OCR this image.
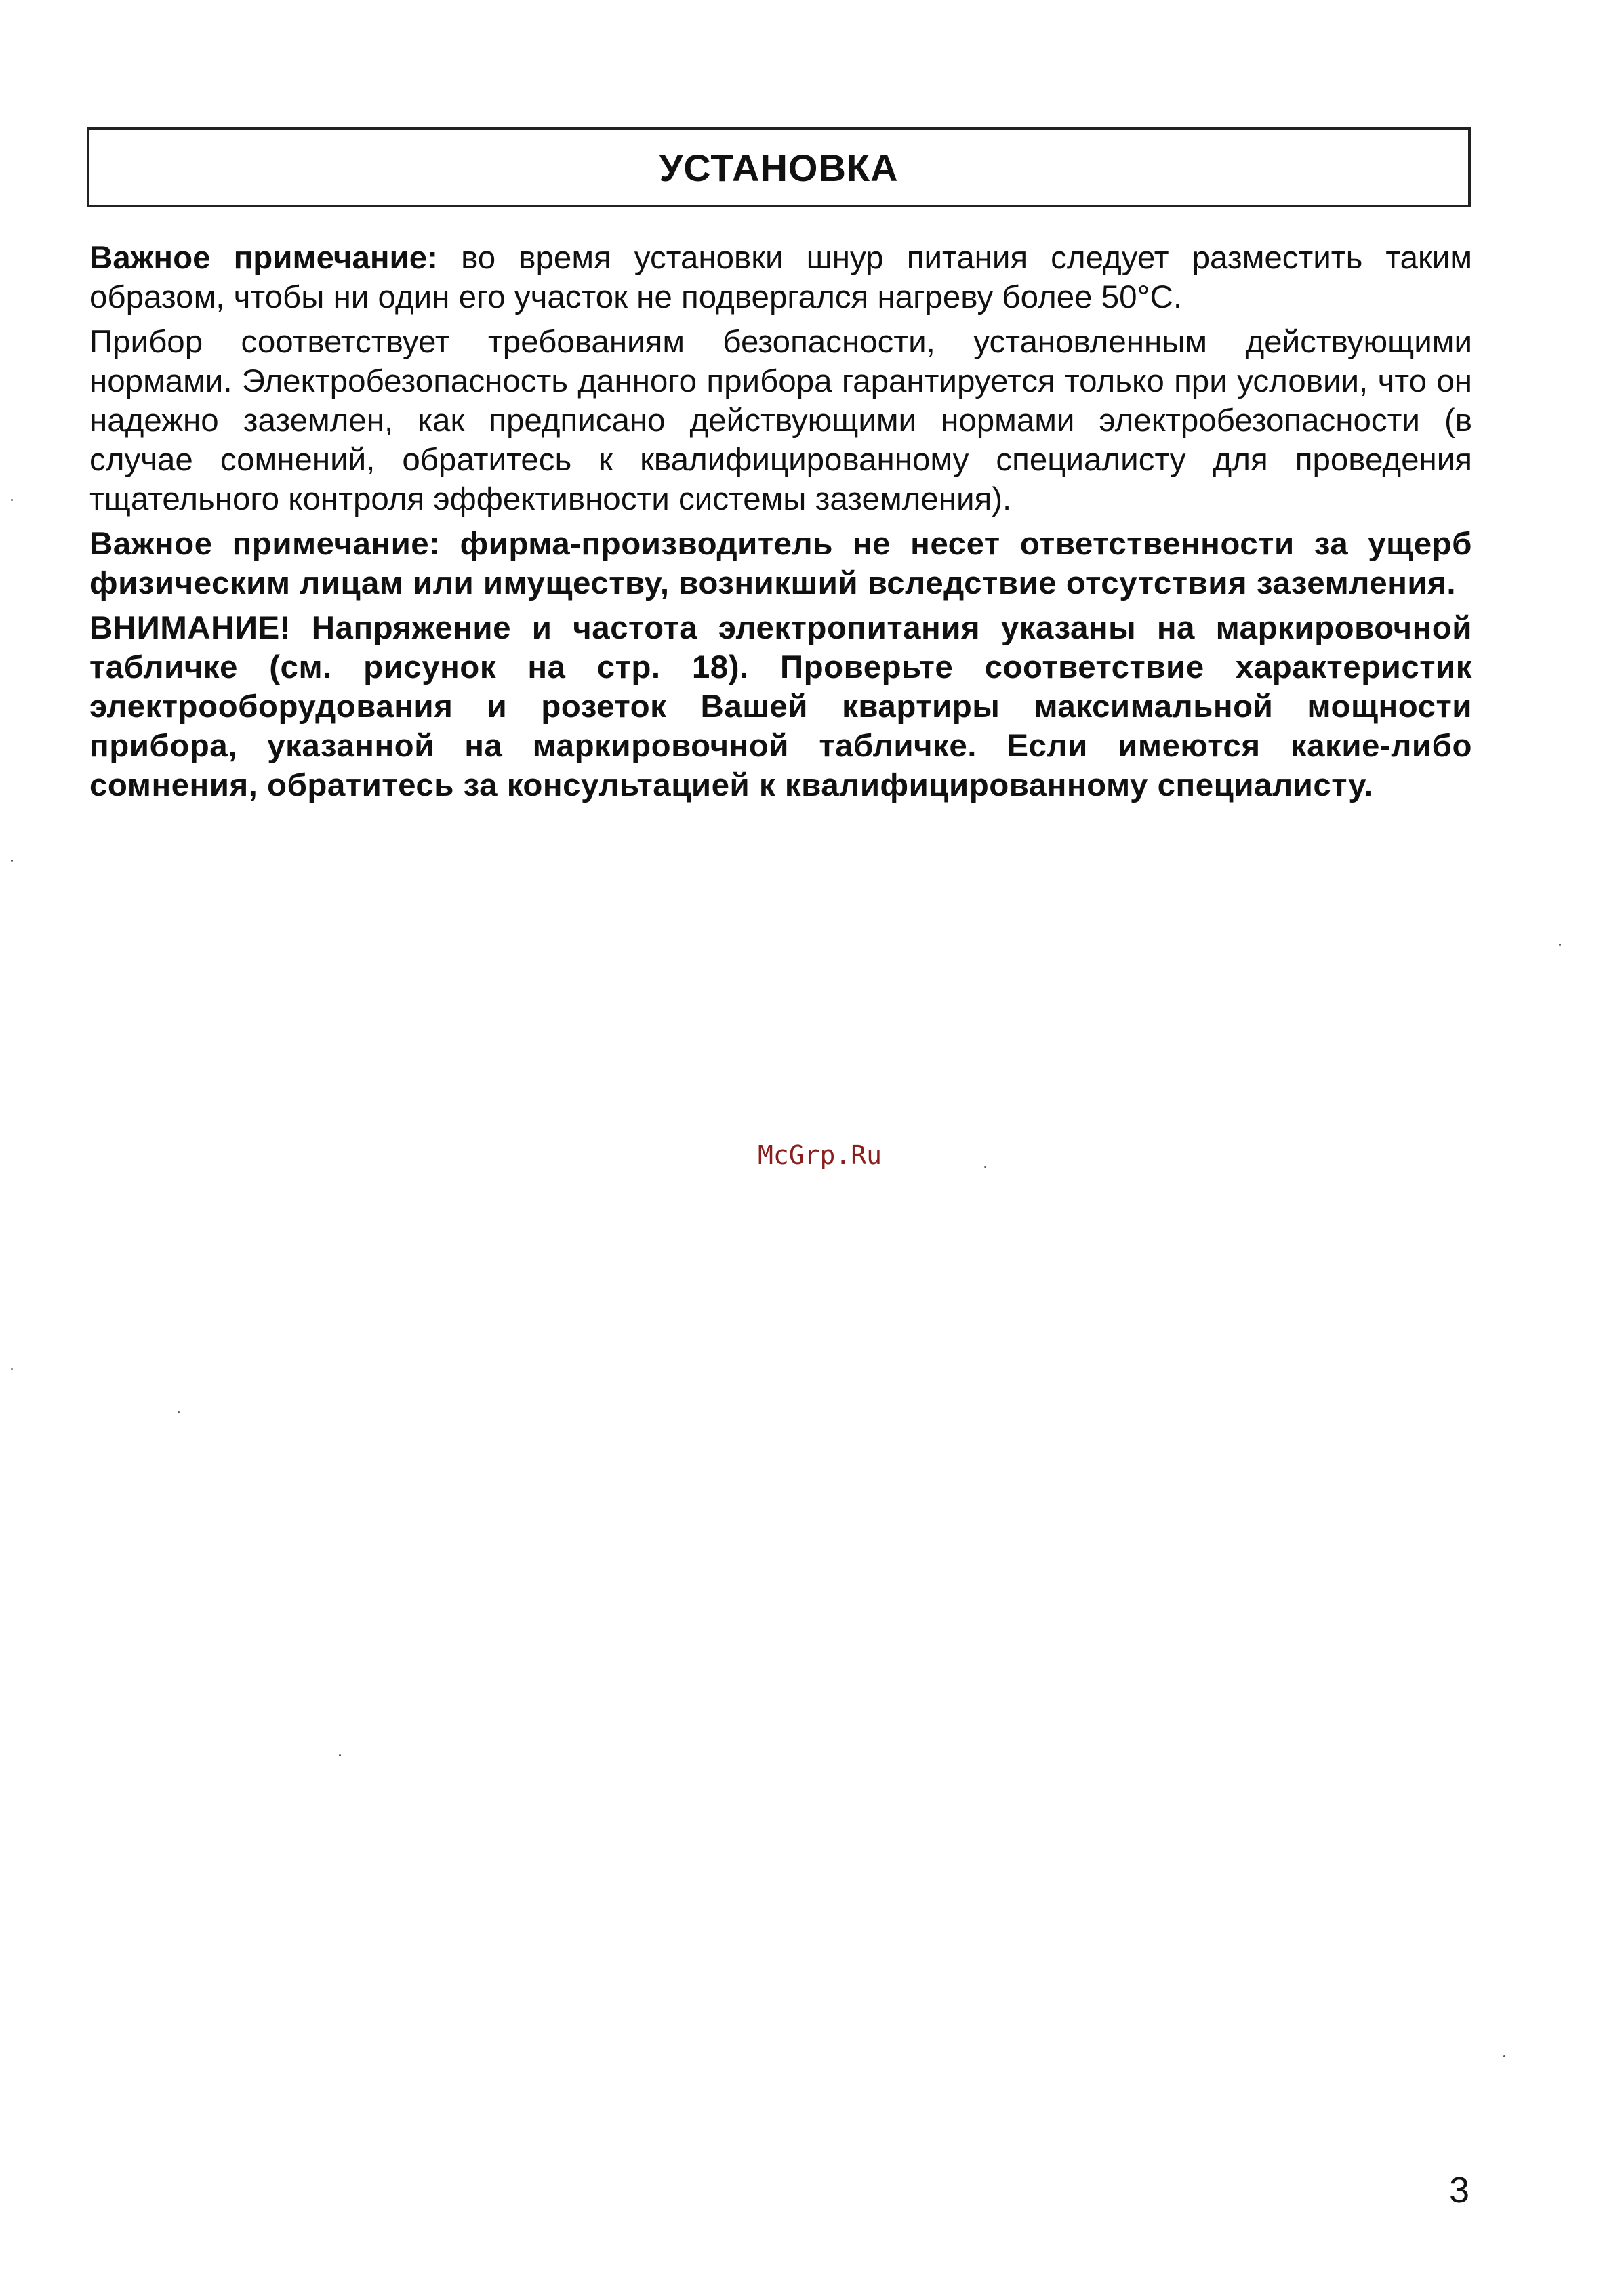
УСТАНОВКА

Важное примечание: во время установки шнур питания следует разместить таким образом, чтобы ни один его участок не подвергался нагреву более 50°С.

Прибор соответствует требованиям безопасности, установленным действующими нормами. Электробезопасность данного прибора гарантируется только при условии, что он надежно заземлен, как предписано действующими нормами электробезопасности (в случае сомнений, обратитесь к квалифицированному специалисту для проведения тщательного контроля эффективности системы заземления).

Важное примечание: фирма-производитель не несет ответственности за ущерб физическим лицам или имуществу, возникший вследствие отсутствия заземления.

ВНИМАНИЕ! Напряжение и частота электропитания указаны на маркировочной табличке (см. рисунок на стр. 18). Проверьте соответствие характеристик электрооборудования и розеток Вашей квартиры максимальной мощности прибора, указанной на маркировочной табличке. Если имеются какие-либо сомнения, обратитесь за консультацией к квалифицированному специалисту.

McGrp.Ru
3
